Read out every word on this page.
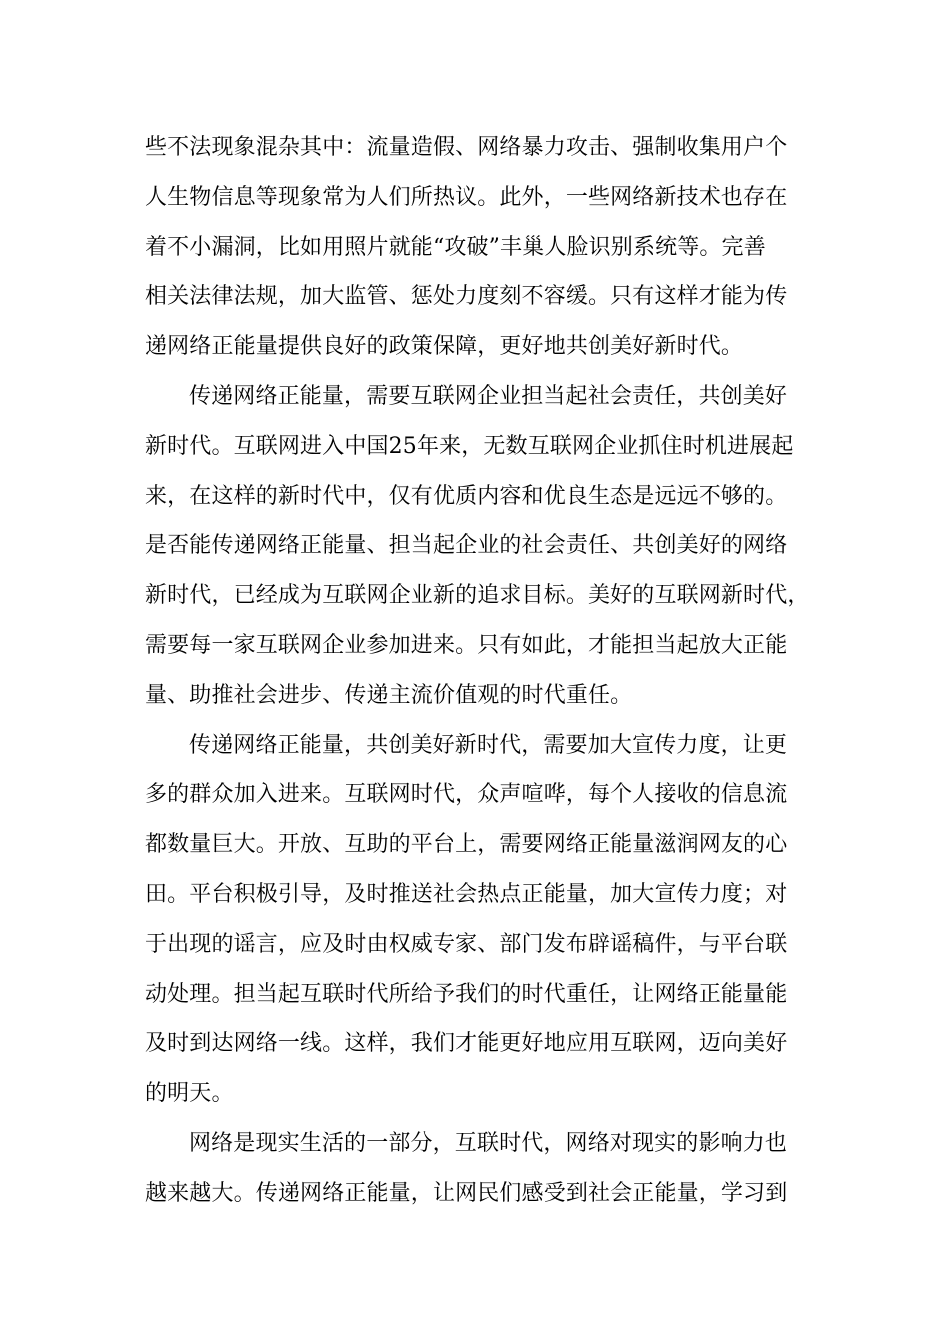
些不法现象混杂其中：流量造假、网络暴力攻击、强制收集用户个
人生物信息等现象常为人们所热议。此外，一些网络新技术也存在
着不小漏洞，比如用照片就能“攻破”丰巢人脸识别系统等。完善
相关法律法规，加大监管、惩处力度刻不容缓。只有这样才能为传
递网络正能量提供良好的政策保障，更好地共创美好新时代。
传递网络正能量，需要互联网企业担当起社会责任，共创美好
新时代。互联网进入中国25年来，无数互联网企业抓住时机进展起
来，在这样的新时代中，仅有优质内容和优良生态是远远不够的。
是否能传递网络正能量、担当起企业的社会责任、共创美好的网络
新时代，已经成为互联网企业新的追求目标。美好的互联网新时代，
需要每一家互联网企业参加进来。只有如此，才能担当起放大正能
量、助推社会进步、传递主流价值观的时代重任。
传递网络正能量，共创美好新时代，需要加大宣传力度，让更
多的群众加入进来。互联网时代，众声喧哗，每个人接收的信息流
都数量巨大。开放、互助的平台上，需要网络正能量滋润网友的心
田。平台积极引导，及时推送社会热点正能量，加大宣传力度；对
于出现的谣言，应及时由权威专家、部门发布辟谣稿件，与平台联
动处理。担当起互联时代所给予我们的时代重任，让网络正能量能
及时到达网络一线。这样，我们才能更好地应用互联网，迈向美好
的明天。
网络是现实生活的一部分，互联时代，网络对现实的影响力也
越来越大。传递网络正能量，让网民们感受到社会正能量，学习到
